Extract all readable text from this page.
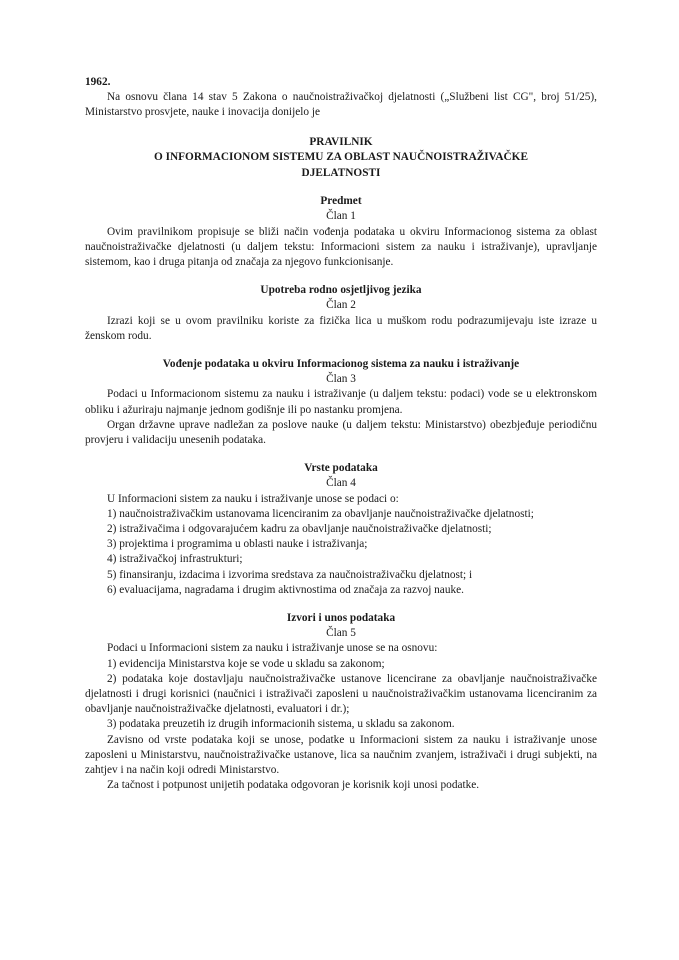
1962.

Na osnovu člana 14 stav 5 Zakona o naučnoistraživačkoj djelatnosti („Službeni list CG", broj 51/25), Ministarstvo prosvjete, nauke i inovacija donijelo je

PRAVILNIK
O INFORMACIONOM SISTEMU ZA OBLAST NAUČNOISTRAŽIVAČKE
DJELATNOSTI
Predmet
Član 1

Ovim pravilnikom propisuje se bliži način vođenja podataka u okviru Informacionog sistema za oblast naučnoistraživačke djelatnosti (u daljem tekstu: Informacioni sistem za nauku i istraživanje), upravljanje sistemom, kao i druga pitanja od značaja za njegovo funkcionisanje.

Upotreba rodno osjetljivog jezika
Član 2

Izrazi koji se u ovom pravilniku koriste za fizička lica u muškom rodu podrazumijevaju iste izraze u ženskom rodu.

Vođenje podataka u okviru Informacionog sistema za nauku i istraživanje
Član 3

Podaci u Informacionom sistemu za nauku i istraživanje (u daljem tekstu: podaci) vode se u elektronskom obliku i ažuriraju najmanje jednom godišnje ili po nastanku promjena.

Organ državne uprave nadležan za poslove nauke (u daljem tekstu: Ministarstvo) obezbjeđuje periodičnu provjeru i validaciju unesenih podataka.

Vrste podataka
Član 4

U Informacioni sistem za nauku i istraživanje unose se podaci o:

1) naučnoistraživačkim ustanovama licenciranim za obavljanje naučnoistraživačke djelatnosti;

2) istraživačima i odgovarajućem kadru za obavljanje naučnoistraživačke djelatnosti;

3) projektima i programima u oblasti nauke i istraživanja;

4) istraživačkoj infrastrukturi;

5) finansiranju, izdacima i izvorima sredstava za naučnoistraživačku djelatnost; i

6) evaluacijama, nagradama i drugim aktivnostima od značaja za razvoj nauke.

Izvori i unos podataka
Član 5

Podaci u Informacioni sistem za nauku i istraživanje unose se na osnovu:

1) evidencija Ministarstva koje se vode u skladu sa zakonom;

2) podataka koje dostavljaju naučnoistraživačke ustanove licencirane za obavljanje naučnoistraživačke djelatnosti i drugi korisnici (naučnici i istraživači zaposleni u naučnoistraživačkim ustanovama licenciranim za obavljanje naučnoistraživačke djelatnosti, evaluatori i dr.);

3) podataka preuzetih iz drugih informacionih sistema, u skladu sa zakonom.

Zavisno od vrste podataka koji se unose, podatke u Informacioni sistem za nauku i istraživanje unose zaposleni u Ministarstvu, naučnoistraživačke ustanove, lica sa naučnim zvanjem, istraživači i drugi subjekti, na zahtjev i na način koji odredi Ministarstvo.

Za tačnost i potpunost unijetih podataka odgovoran je korisnik koji unosi podatke.
